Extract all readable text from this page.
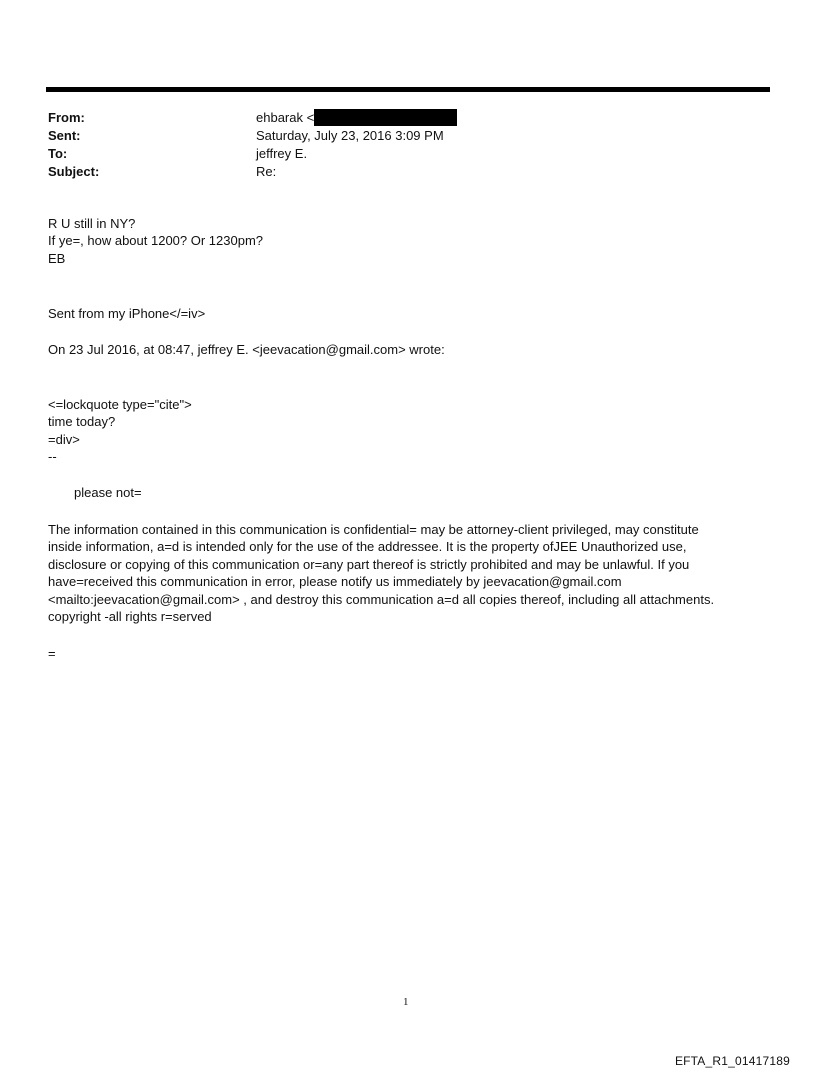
From:	ehbarak <
Sent:	Saturday, July 23, 2016 3:09 PM
To:	jeffrey E.
Subject:	Re:
R U still in NY?
If ye=, how about 1200? Or 1230pm?
EB
Sent from my iPhone</=iv>
On 23 Jul 2016, at 08:47, jeffrey E. <jeevacation@gmail.com> wrote:
<=lockquote type="cite">
time today?
=div>
--
please not=
The information contained in this communication is confidential= may be attorney-client privileged, may constitute
inside information, a=d is intended only for the use of the addressee. It is the property ofJEE Unauthorized use,
disclosure or copying of this communication or=any part thereof is strictly prohibited and may be unlawful. If you
have=received this communication in error, please notify us immediately by jeevacation@gmail.com
<mailto:jeevacation@gmail.com> , and destroy this communication a=d all copies thereof, including all attachments.
copyright -all rights r=served
=
1
EFTA_R1_01417189
